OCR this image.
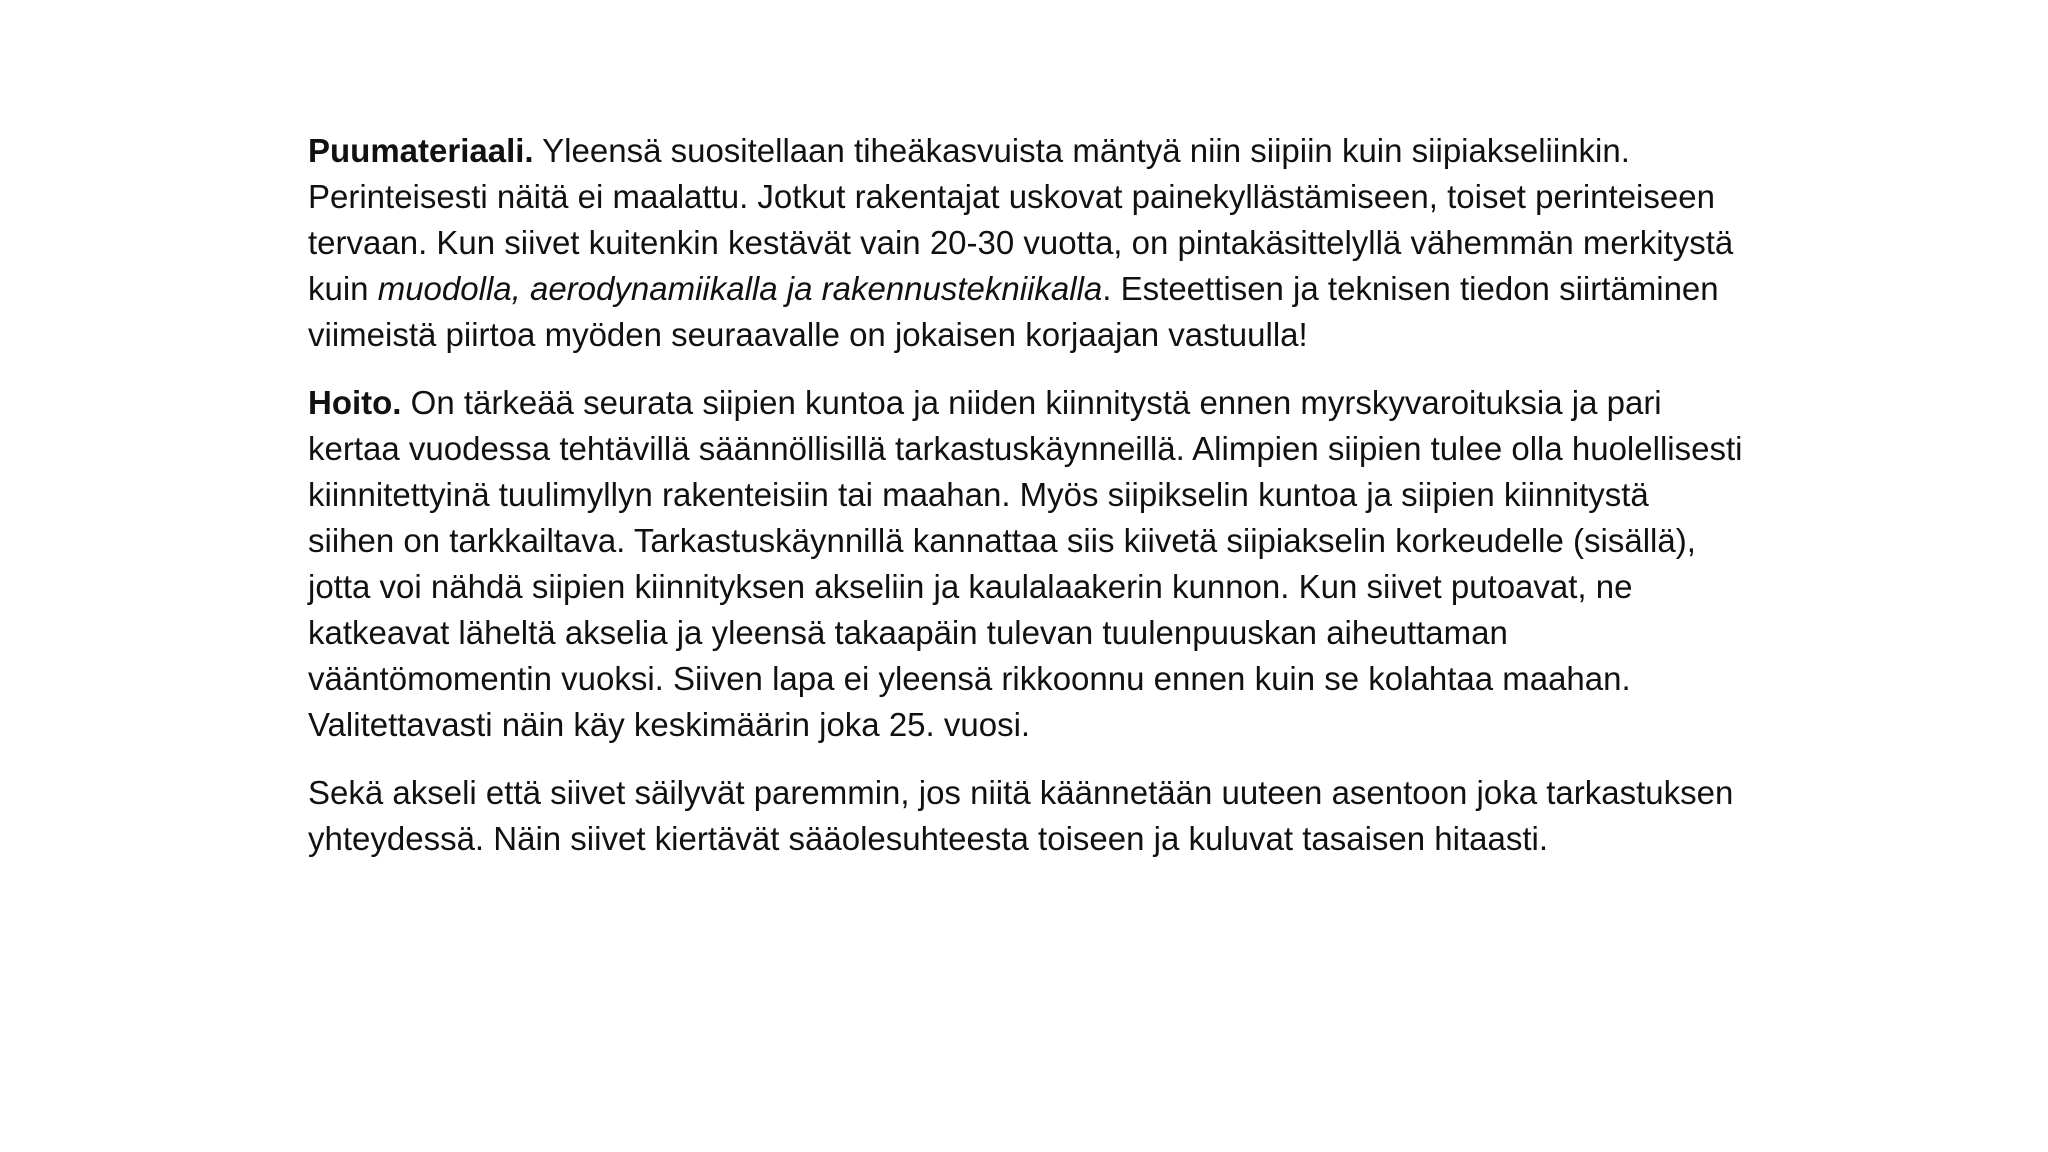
Puumateriaali. Yleensä suositellaan tiheäkasvuista mäntyä niin siipiin kuin siipiakseliinkin.
Perinteisesti näitä ei maalattu. Jotkut rakentajat uskovat painekyllästämiseen, toiset perinteiseen
tervaan. Kun siivet kuitenkin kestävät vain 20-30 vuotta, on pintakäsittelyllä vähemmän merkitystä
kuin muodolla, aerodynamiikalla ja rakennustekniikalla. Esteettisen ja teknisen tiedon siirtäminen
viimeistä piirtoa myöden seuraavalle on jokaisen korjaajan vastuulla!

Hoito. On tärkeää seurata siipien kuntoa ja niiden kiinnitystä ennen myrskyvaroituksia ja pari
kertaa vuodessa tehtävillä säännöllisillä tarkastuskäynneillä. Alimpien siipien tulee olla huolellisesti
kiinnitettyinä tuulimyllyn rakenteisiin tai maahan. Myös siipikselin kuntoa ja siipien kiinnitystä
siihen on tarkkailtava. Tarkastuskäynnillä kannattaa siis kiivetä siipiakselin korkeudelle (sisällä),
jotta voi nähdä siipien kiinnityksen akseliin ja kaulalaakerin kunnon. Kun siivet putoavat, ne
katkeavat läheltä akselia ja yleensä takaapäin tulevan tuulenpuuskan aiheuttaman
vääntömomentin vuoksi. Siiven lapa ei yleensä rikkoonnu ennen kuin se kolahtaa maahan.
Valitettavasti näin käy keskimäärin joka 25. vuosi.

Sekä akseli että siivet säilyvät paremmin, jos niitä käännetään uuteen asentoon joka tarkastuksen
yhteydessä. Näin siivet kiertävät sääolesuhteesta toiseen ja kuluvat tasaisen hitaasti.
